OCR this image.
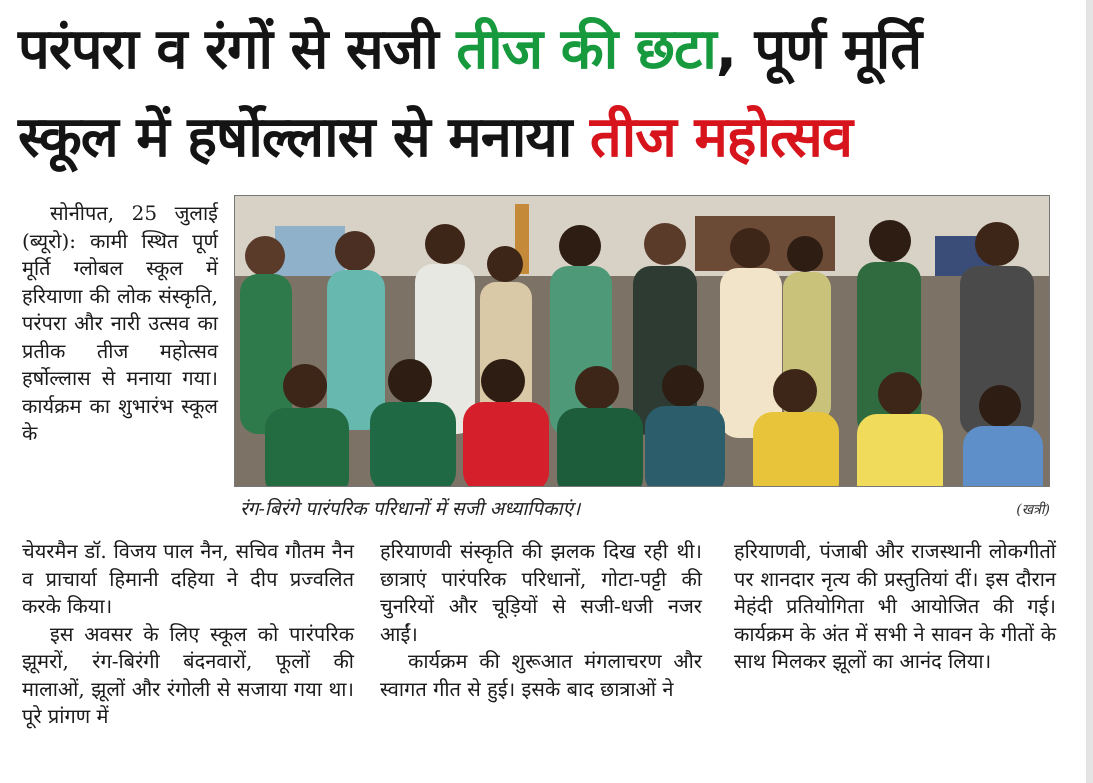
परंपरा व रंगों से सजी तीज की छटा, पूर्ण मूर्ति
स्कूल में हर्षोल्लास से मनाया तीज महोत्सव

सोनीपत, 25 जुलाई (ब्यूरो): कामी स्थित पूर्ण मूर्ति ग्लोबल स्कूल में हरियाणा की लोक संस्कृति, परंपरा और नारी उत्सव का प्रतीक तीज महोत्सव हर्षोल्लास से मनाया गया। कार्यक्रम का शुभारंभ स्कूल के

रंग-बिरंगे पारंपरिक परिधानों में सजी अध्यापिकाएं।	(खत्री)

चेयरमैन डॉ. विजय पाल नैन, सचिव गौतम नैन व प्राचार्या हिमानी दहिया ने दीप प्रज्वलित करके किया।

इस अवसर के लिए स्कूल को पारंपरिक झूमरों, रंग-बिरंगी बंदनवारों, फूलों की मालाओं, झूलों और रंगोली से सजाया गया था। पूरे प्रांगण में

हरियाणवी संस्कृति की झलक दिख रही थी। छात्राएं पारंपरिक परिधानों, गोटा-पट्टी की चुनरियों और चूड़ियों से सजी-धजी नजर आईं।

कार्यक्रम की शुरूआत मंगलाचरण और स्वागत गीत से हुई। इसके बाद छात्राओं ने

हरियाणवी, पंजाबी और राजस्थानी लोकगीतों पर शानदार नृत्य की प्रस्तुतियां दीं। इस दौरान मेहंदी प्रतियोगिता भी आयोजित की गई। कार्यक्रम के अंत में सभी ने सावन के गीतों के साथ मिलकर झूलों का आनंद लिया।
